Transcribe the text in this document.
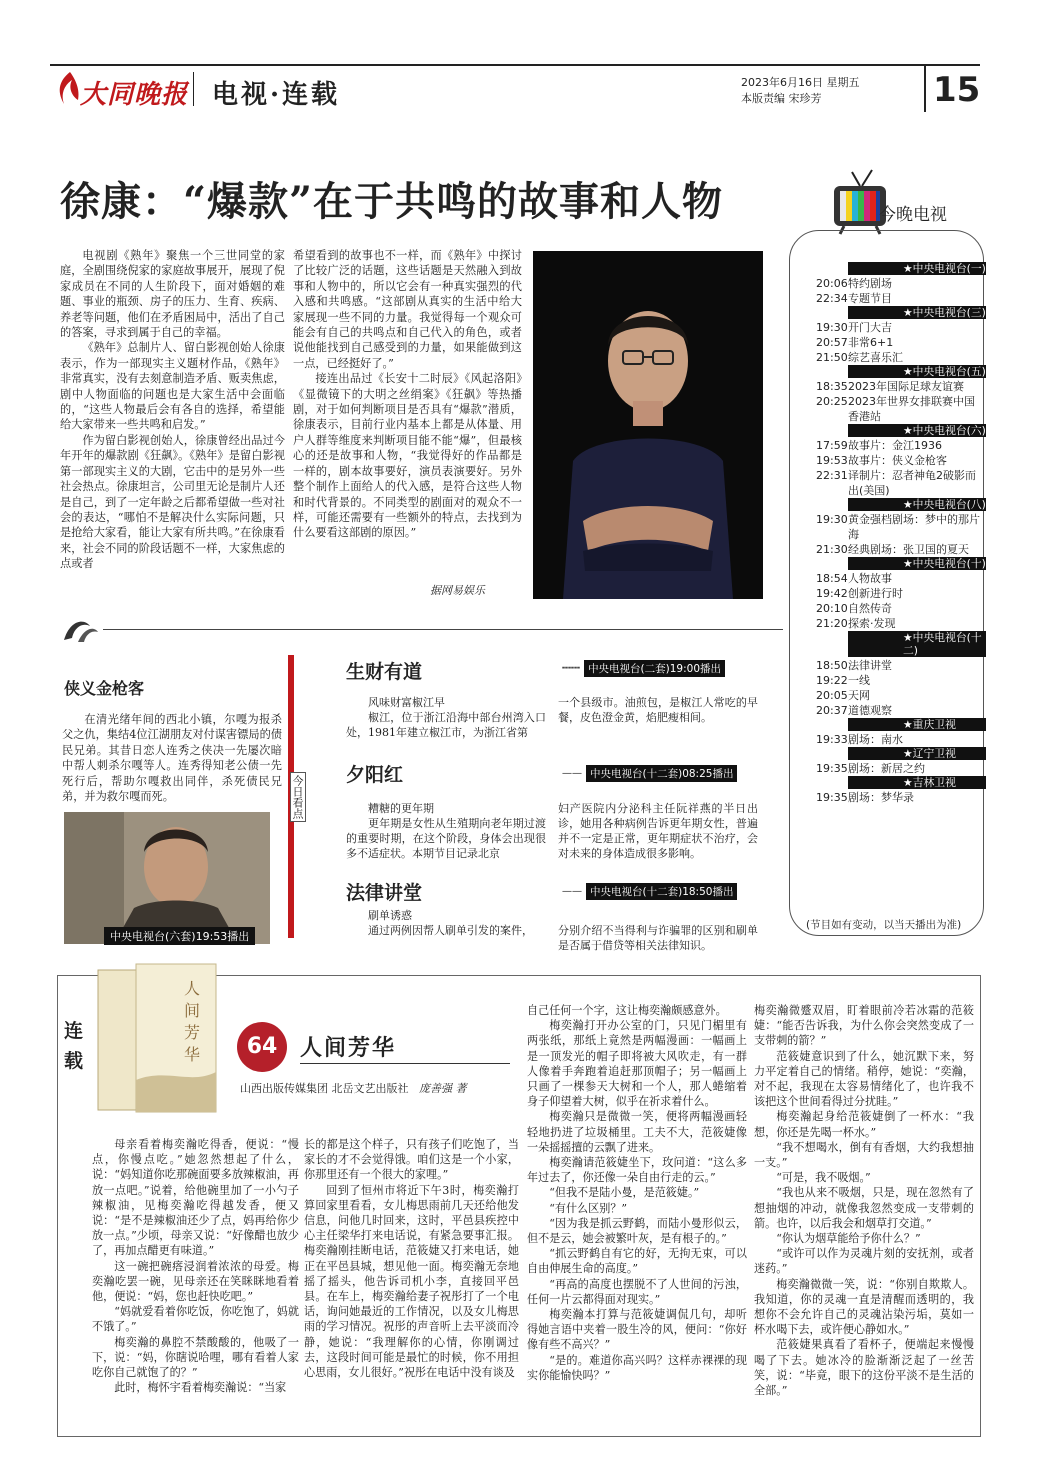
大同晚报 电视·连载	2023年6月16日 星期五
本版责编 宋珍芳	15
徐康：“爆款”在于共鸣的故事和人物

电视剧《熟年》聚焦一个三世同堂的家庭，全剧围绕倪家的家庭故事展开，展现了倪家成员在不同的人生阶段下，面对婚姻的难题、事业的瓶颈、房子的压力、生育、疾病、养老等问题，他们在矛盾困局中，活出了自己的答案，寻求到属于自己的幸福。

《熟年》总制片人、留白影视创始人徐康表示，作为一部现实主义题材作品，《熟年》非常真实，没有去刻意制造矛盾、贩卖焦虑，剧中人物面临的问题也是大家生活中会面临的，“这些人物最后会有各自的选择，希望能给大家带来一些共鸣和启发。”

作为留白影视创始人，徐康曾经出品过今年开年的爆款剧《狂飙》。《熟年》是留白影视第一部现实主义的大剧，它击中的是另外一些社会热点。徐康坦言，公司里无论是制片人还是自己，到了一定年龄之后都希望做一些对社会的表达，“哪怕不是解决什么实际问题，只是抢给大家看，能让大家有所共鸣。”在徐康看来，社会不同的阶段话题不一样，大家焦虑的点或者

希望看到的故事也不一样，而《熟年》中探讨了比较广泛的话题，这些话题是天然融入到故事和人物中的，所以它会有一种真实强烈的代入感和共鸣感。“这部剧从真实的生活中给大家展现一些不同的力量。我觉得每一个观众可能会有自己的共鸣点和自己代入的角色，或者说他能找到自己感受到的力量，如果能做到这一点，已经挺好了。”

接连出品过《长安十二时辰》《风起洛阳》《显微镜下的大明之丝绢案》《狂飙》等热播剧，对于如何判断项目是否具有“爆款”潜质，徐康表示，目前行业内基本上都是从体量、用户人群等维度来判断项目能不能“爆”，但最核心的还是故事和人物，“我觉得好的作品都是一样的，剧本故事要好，演员表演要好。另外整个制作上面给人的代入感，是符合这些人物和时代背景的。不同类型的剧面对的观众不一样，可能还需要有一些额外的特点，去找到为什么要看这部剧的原因。”

据网易娱乐
今晚电视
★中央电视台(一)
20:06 特约剧场
22:34 专题节目
★中央电视台(三)
19:30 开门大吉
20:57 非常6+1
21:50 综艺喜乐汇
★中央电视台(五)
18:35 2023年国际足球友谊赛
20:25 2023年世界女排联赛中国香港站
★中央电视台(六)
17:59 故事片：金江1936
19:53 故事片：侠义金枪客
22:31 译制片：忍者神龟2破影而出(美国)
★中央电视台(八)
19:30 黄金强档剧场：梦中的那片海
21:30 经典剧场：张卫国的夏天
★中央电视台(十)
18:54 人物故事
19:42 创新进行时
20:10 自然传奇
21:20 探索·发现
★中央电视台(十二)
18:50 法律讲堂
19:22 一线
20:05 天网
20:37 道德观察
★重庆卫视
19:33 剧场：南水
★辽宁卫视
19:35 剧场：新居之约
★吉林卫视
19:35 剧场：梦华录
(节目如有变动，以当天播出为准)
侠义金枪客

在清光绪年间的西北小镇，尔嘎为报杀父之仇，集结4位江湖朋友对付谋害镖局的债民兄弟。其昔日恋人连秀之侠决一先屡次暗中帮人刺杀尔嘎等人。连秀得知老公债一先死行后，帮助尔嘎救出同伴，杀死债民兄弟，并为救尔嘎而死。

中央电视台(六套)19:53播出
今日看点
生财有道	┅┅┅ 中央电视台(二套)19:00播出

风味财富椒江早

椒江，位于浙江沿海中部台州湾入口处，1981年建立椒江市，为浙江省第

一个县级市。油煎包，是椒江人常吃的早餐，皮色澄金黄，焰肥瘦相间。

夕阳红	—— 中央电视台(十二套)08:25播出

糟糖的更年期

更年期是女性从生殖期向老年期过渡的重要时期，在这个阶段，身体会出现很多不适症状。本期节目记录北京

妇产医院内分泌科主任阮祥燕的半日出诊，她用各种病例告诉更年期女性，普遍并不一定是正常，更年期症状不治疗，会对未来的身体造成很多影响。

法律讲堂	—— 中央电视台(十二套)18:50播出

刷单诱惑

通过两例因帮人刷单引发的案件，	分别介绍不当得利与诈骗罪的区别和刷单是否属于借贷等相关法律知识。

连载
人
间
芳
华	64	人间芳华
山西出版传媒集团 北岳文艺出版社 庞善强 著

母亲看着梅奕瀚吃得香，便说：“慢点，你慢点吃。”她忽然想起了什么，说：“妈知道你吃那碗面要多放辣椒油，再放一点吧。”说着，给他碗里加了一小勺子辣椒油，见梅奕瀚吃得越发香，便又说：“是不是辣椒油还少了点，妈再给你少放一点。”少顷，母亲又说：“好像醋也放少了，再加点醋更有味道。”

这一碗把碗瘩浸润着浓浓的母爱。梅奕瀚吃罢一碗，见母亲还在笑眯眯地看着他，便说：“妈，您也赶快吃吧。”

“妈就爱看着你吃饭，你吃饱了，妈就不饿了。”

梅奕瀚的鼻腔不禁酸酸的，他吸了一下，说：“妈，你瞎说哈哩，哪有看着人家吃你自己就饱了的？”

此时，梅怀宇看着梅奕瀚说：“当家

长的都是这个样子，只有孩子们吃饱了，当家长的才不会觉得饿。咱们这是一个小家，你那里还有一个很大的家哩。”

回到了恒州市将近下午3时，梅奕瀚打算回家里看看，女儿梅思雨前几天还给他发信息，问他几时回来，这时，平邑县疾控中心主任梁华打来电话说，有紧急要事汇报。梅奕瀚刚挂断电话，范筱婕又打来电话，她正在平邑县城，想见他一面。梅奕瀚无奈地摇了摇头，他告诉司机小李，直接回平邑县。在车上，梅奕瀚给妻子祝彤打了一个电话，询问她最近的工作情况，以及女儿梅思雨的学习情况。祝彤的声音听上去平淡而冷静，她说：“我理解你的心情，你刚调过去，这段时间可能是最忙的时候，你不用担心思雨，女儿很好。”祝彤在电话中没有谈及

自己任何一个字，这让梅奕瀚颇感意外。

梅奕瀚打开办公室的门，只见门楣里有两张纸，那纸上竟然是两幅漫画：一幅画上是一顶发光的帽子即将被大风吹走，有一群人像着手奔跑着追赶那顶帽子；另一幅画上只画了一棵参天大树和一个人，那人蜷缩着身子仰望着大树，似乎在祈求着什么。

梅奕瀚只是微微一笑，便将两幅漫画轻轻地扔进了垃圾桶里。工夫不大，范筱婕像一朵摇摇擅的云飘了进来。

梅奕瀚请范筱婕坐下，玫问道：“这么多年过去了，你还像一朵自由行走的云。”

“但我不是陆小曼，是范筱婕。”

“有什么区别？”

“因为我是抓云野鹤，而陆小曼形似云，但不是云，她会被繁叶灰，是有根子的。”

“抓云野鹤自有它的好，无拘无束，可以自由伸展生命的高度。”

“再高的高度也摆脱不了人世间的污浊，任何一片云都得面对现实。”

梅奕瀚本打算与范筱婕调侃几句，却听得她言语中夹着一股生冷的风，便问：“你好像有些不高兴？”

“是的。难道你高兴吗？这样赤裸裸的现实你能愉快吗？”

梅奕瀚微蹙双眉，盯着眼前冷若冰霜的范筱婕：“能否告诉我，为什么你会突然变成了一支带刺的箭？”

范筱婕意识到了什么，她沉默下来，努力平定着自己的情绪。稍停，她说：“奕瀚，对不起，我现在太容易情绪化了，也许我不该把这个世间看得过分扰眭。”

梅奕瀚起身给范筱婕倒了一杯水：“我想，你还是先喝一杯水。”

“我不想喝水，倒有有香烟，大约我想抽一支。”

“可是，我不吸烟。”

“我也从来不吸烟，只是，现在忽然有了想抽烟的冲动，就像我忽然变成一支带刺的箭。也许，以后我会和烟草打交道。”

“你认为烟草能给予你什么？”

“或许可以作为灵魂片刻的安抚剂，或者迷药。”

梅奕瀚微微一笑，说：“你别自欺欺人。我知道，你的灵魂一直是清醒而透明的，我想你不会允许自己的灵魂沾染污垢，莫如一杯水喝下去，或许便心静如水。”

范筱婕果真看了看杯子，便端起来慢慢喝了下去。她冰冷的脸渐渐泛起了一丝苦笑，说：“毕竟，眼下的这份平淡不是生活的全部。”
